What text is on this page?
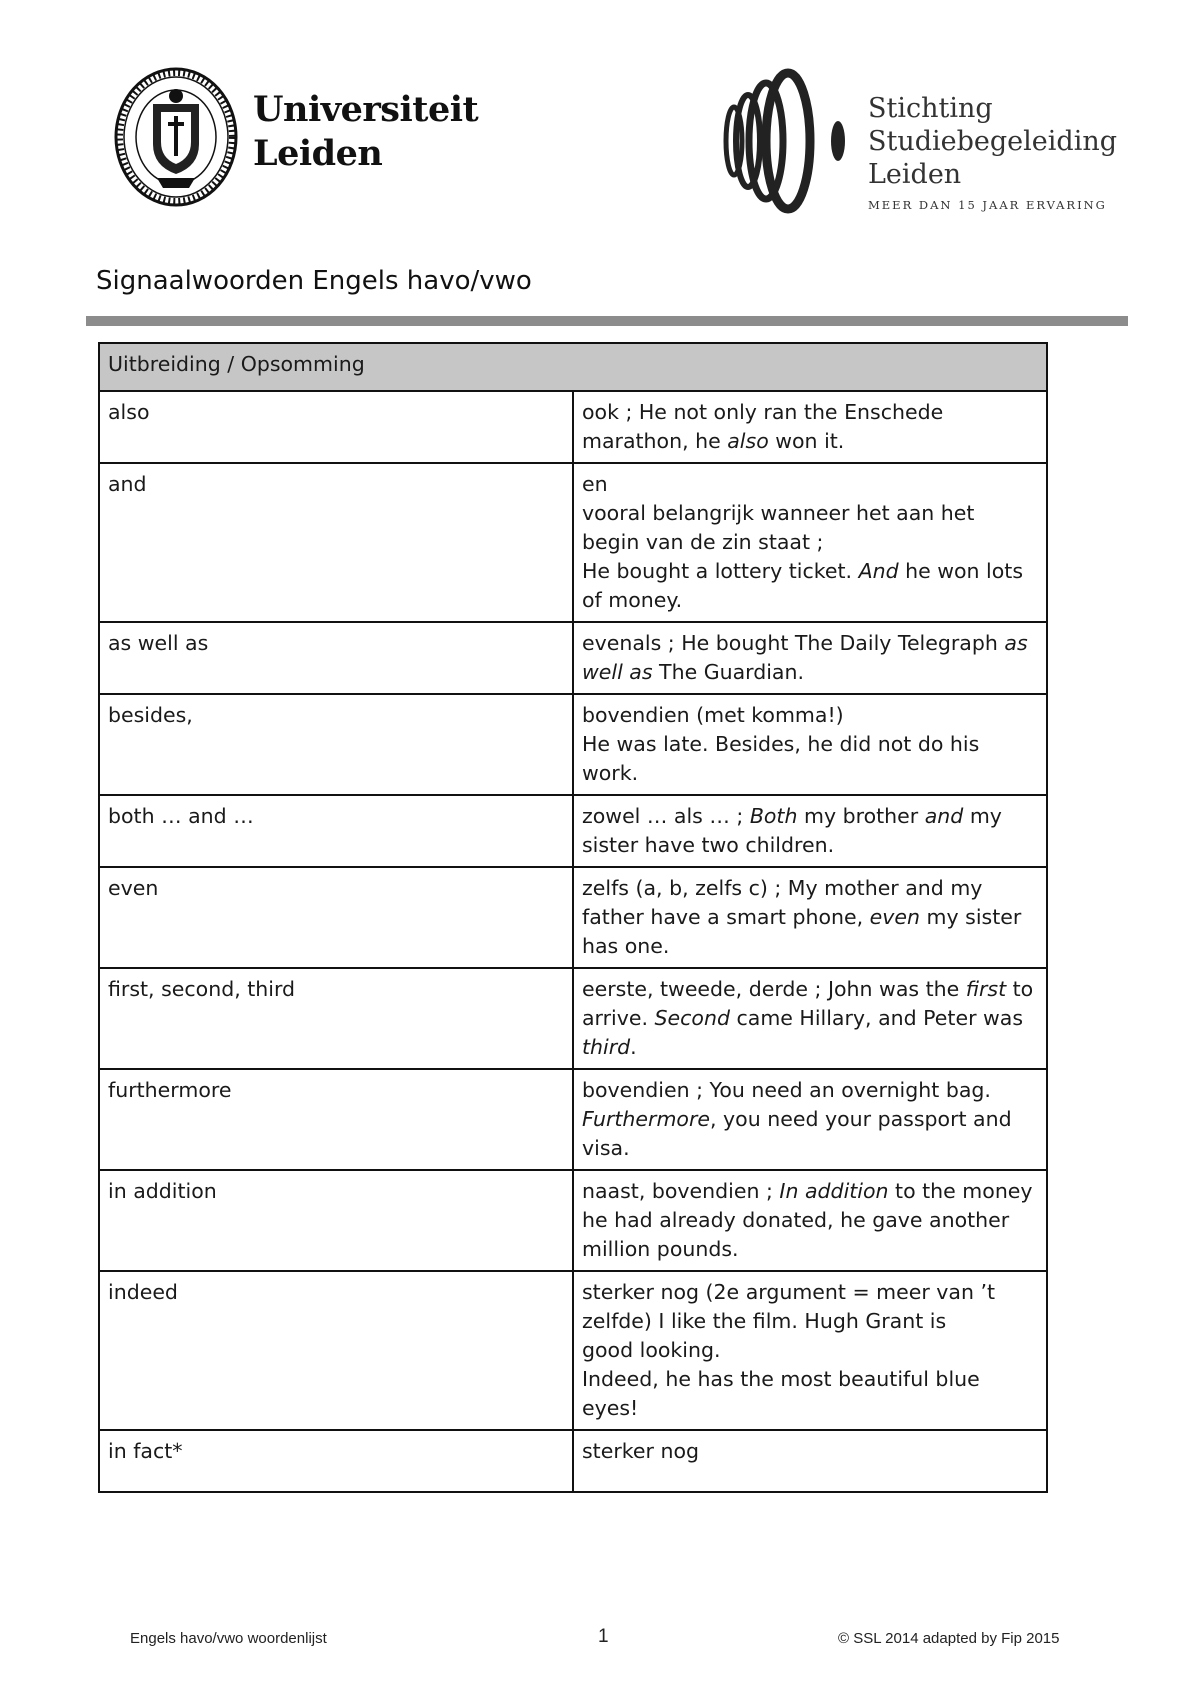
Universiteit
Leiden
Stichting
Studiebegeleiding
Leiden
MEER DAN 15 JAAR ERVARING
Signaalwoorden Engels havo/vwo
Uitbreiding / Opsomming	
also	ook ; He not only ran the Enschede marathon, he also won it.
and	en
vooral belangrijk wanneer het aan het begin van de zin staat ;
He bought a lottery ticket. And he won lots of money.
as well as	evenals ; He bought The Daily Telegraph as well as The Guardian.
besides,	bovendien (met komma!)
He was late. Besides, he did not do his work.
both … and …	zowel … als … ; Both my brother and my sister have two children.
even	zelfs (a, b, zelfs c) ; My mother and my father have a smart phone, even my sister has one.
first, second, third	eerste, tweede, derde ; John was the first to arrive. Second came Hillary, and Peter was third.
furthermore	bovendien ; You need an overnight bag. Furthermore, you need your passport and visa.
in addition	naast, bovendien ; In addition to the money he had already donated, he gave another million pounds.
indeed	sterker nog (2e argument = meer van ’t zelfde) I like the film. Hugh Grant is
good looking.
Indeed, he has the most beautiful blue eyes!
in fact*	sterker nog
Engels havo/vwo woordenlijst	1	© SSL 2014 adapted by Fip 2015
